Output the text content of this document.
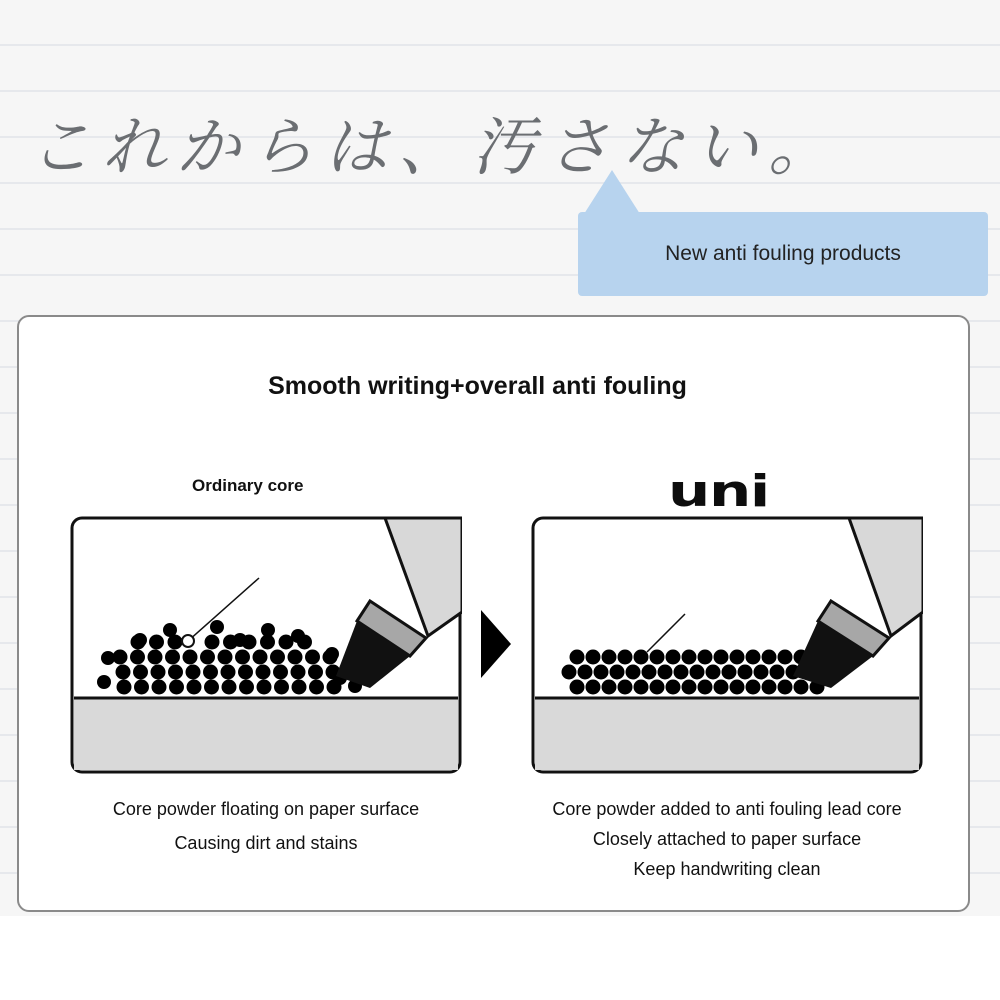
これからは、汚さない。
New anti fouling products
Smooth writing+overall anti fouling
Ordinary core	uni
Core powder floating on paper surface
Causing dirt and stains
Core powder added to anti fouling lead core
Closely attached to paper surface
Keep handwriting clean
